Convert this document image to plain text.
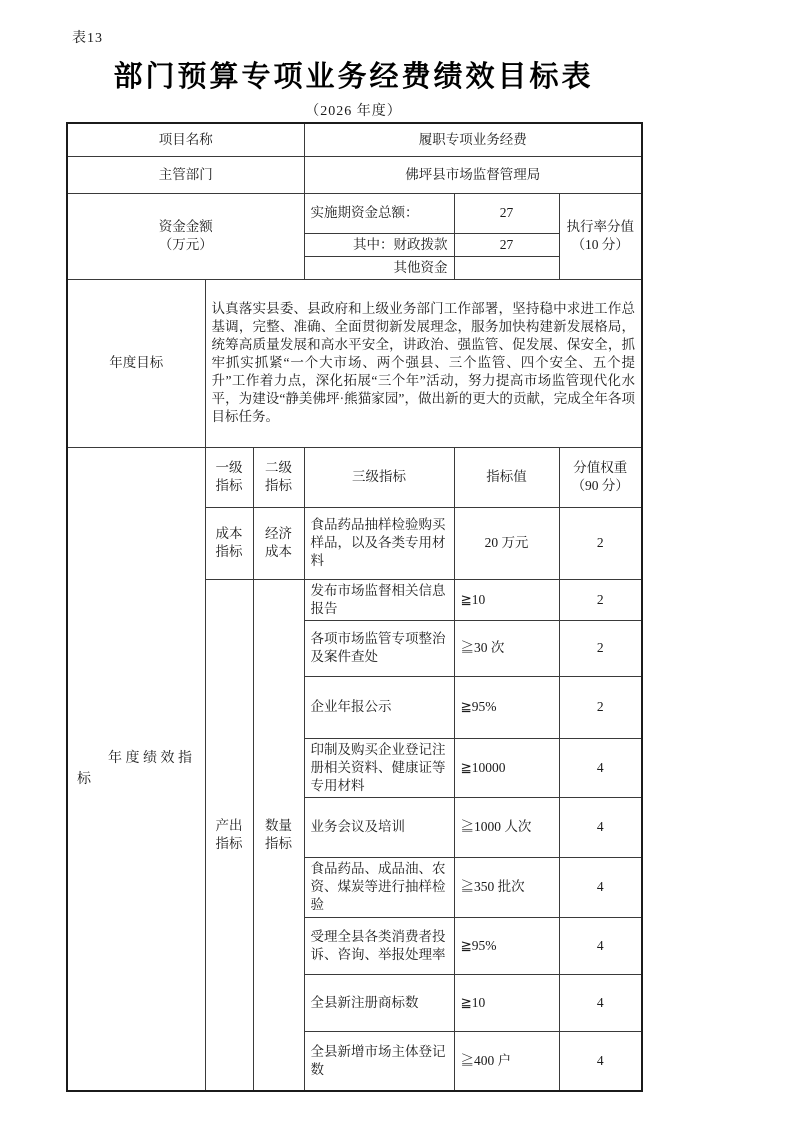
表13
部门预算专项业务经费绩效目标表
（2026 年度）
项目名称			履职专项业务经费		
主管部门			佛坪县市场监督管理局		

资金金额
（万元）			实施期资金总额：	27	执行率分值（10 分）
			其中：财政拨款	27	
			其他资金		
年度目标	认真落实县委、县政府和上级业务部门工作部署，坚持稳中求进工作总基调，完整、准确、全面贯彻新发展理念，服务加快构建新发展格局，统筹高质量发展和高水平安全，讲政治、强监管、促发展、保安全，抓牢抓实抓紧“一个大市场、两个强县、三个监管、四个安全、五个提升”工作着力点，深化拓展“三个年”活动，努力提高市场监管现代化水平，为建设“静美佛坪·熊猫家园”，做出新的更大的贡献，完成全年各项目标任务。				

年 度 绩 效 指
标	一级指标	二级指标	三级指标	指标值	分值权重（90 分）
	成本指标	经济成本	食品药品抽样检验购买样品，以及各类专用材料	20 万元	2
	产出指标	数量指标	发布市场监督相关信息报告	≧10	2
			各项市场监管专项整治及案件查处	≧30 次	2
			企业年报公示	≧95%	2
			印制及购买企业登记注册相关资料、健康证等专用材料	≧10000	4
			业务会议及培训	≧1000 人次	4
			食品药品、成品油、农资、煤炭等进行抽样检验	≧350 批次	4
			受理全县各类消费者投诉、咨询、举报处理率	≧95%	4
			全县新注册商标数	≧10	4
			全县新增市场主体登记数	≧400 户	4
